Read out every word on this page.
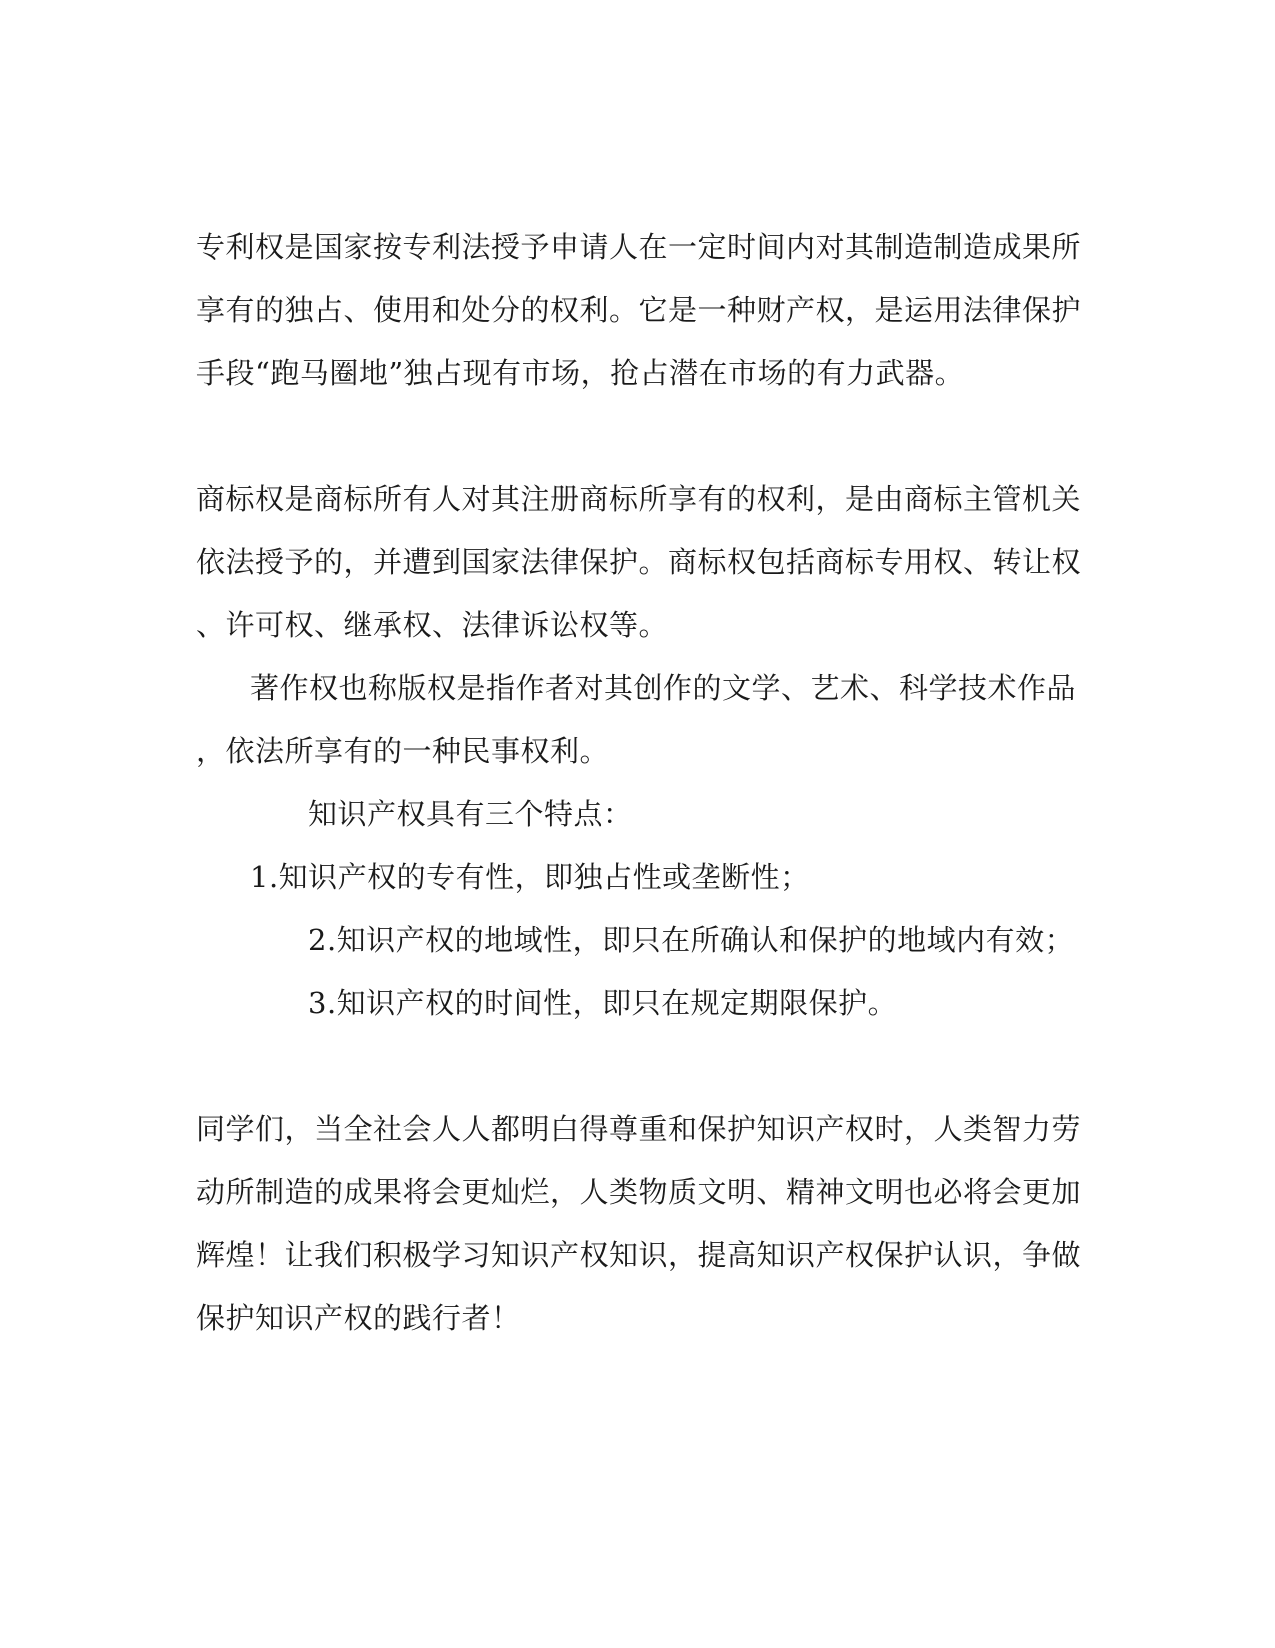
专利权是国家按专利法授予申请人在一定时间内对其制造制造成果所
享有的独占、使用和处分的权利。它是一种财产权，是运用法律保护
手段“跑马圈地”独占现有市场，抢占潜在市场的有力武器。
商标权是商标所有人对其注册商标所享有的权利，是由商标主管机关
依法授予的，并遭到国家法律保护。商标权包括商标专用权、转让权
、许可权、继承权、法律诉讼权等。
著作权也称版权是指作者对其创作的文学、艺术、科学技术作品
，依法所享有的一种民事权利。
知识产权具有三个特点：
1.知识产权的专有性，即独占性或垄断性；
2.知识产权的地域性，即只在所确认和保护的地域内有效；
3.知识产权的时间性，即只在规定期限保护。
同学们，当全社会人人都明白得尊重和保护知识产权时，人类智力劳
动所制造的成果将会更灿烂，人类物质文明、精神文明也必将会更加
辉煌！让我们积极学习知识产权知识，提高知识产权保护认识，争做
保护知识产权的践行者！
